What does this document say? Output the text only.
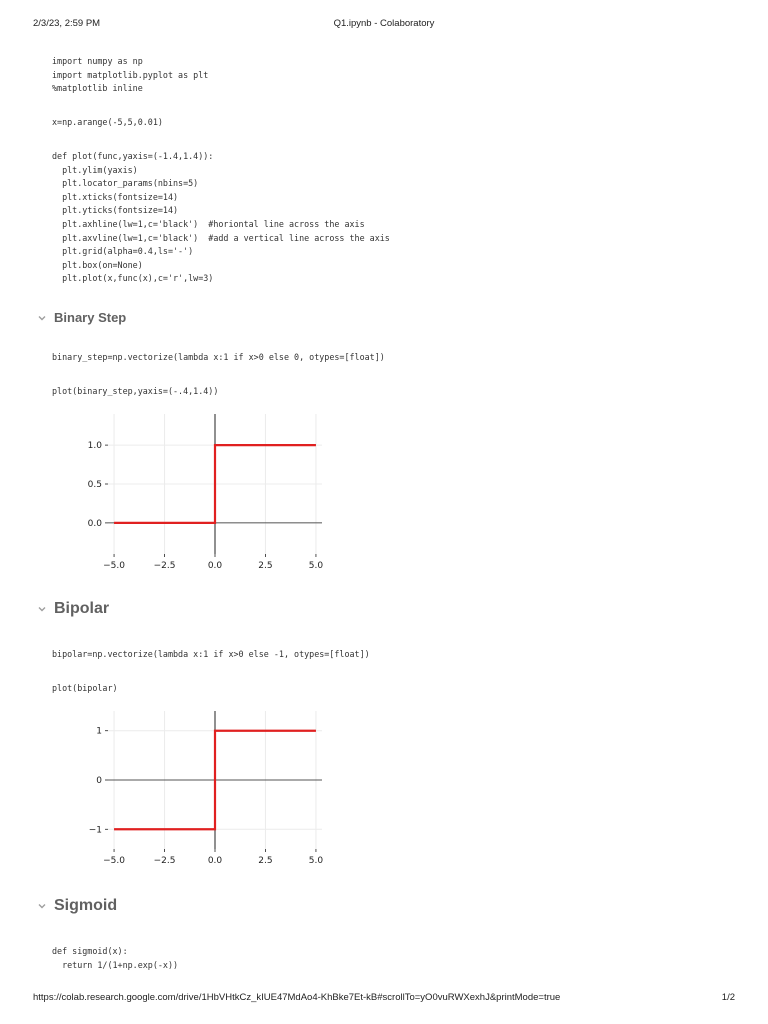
2/3/23, 2:59 PM	Q1.ipynb - Colaboratory
import numpy as np
import matplotlib.pyplot as plt
%matplotlib inline
x=np.arange(-5,5,0.01)
def plot(func,yaxis=(-1.4,1.4)):
plt.ylim(yaxis)
plt.locator_params(nbins=5)
plt.xticks(fontsize=14)
plt.yticks(fontsize=14)
plt.axhline(lw=1,c='black')  #horiontal line across the axis
plt.axvline(lw=1,c='black')  #add a vertical line across the axis
plt.grid(alpha=0.4,ls='-')
plt.box(on=None)
plt.plot(x,func(x),c='r',lw=3)
Binary Step
binary_step=np.vectorize(lambda x:1 if x>0 else 0, otypes=[float])
plot(binary_step,yaxis=(-.4,1.4))
−5.0	−2.5	0.0	2.5	5.0
0.0
0.5
1.0
Bipolar
bipolar=np.vectorize(lambda x:1 if x>0 else -1, otypes=[float])
plot(bipolar)
−5.0	−2.5	0.0	2.5	5.0
−1
0
1
Sigmoid
def sigmoid(x):
return 1/(1+np.exp(-x))
https://colab.research.google.com/drive/1HbVHtkCz_kIUE47MdAo4-KhBke7Et-kB#scrollTo=yO0vuRWXexhJ&printMode=true	1/2
